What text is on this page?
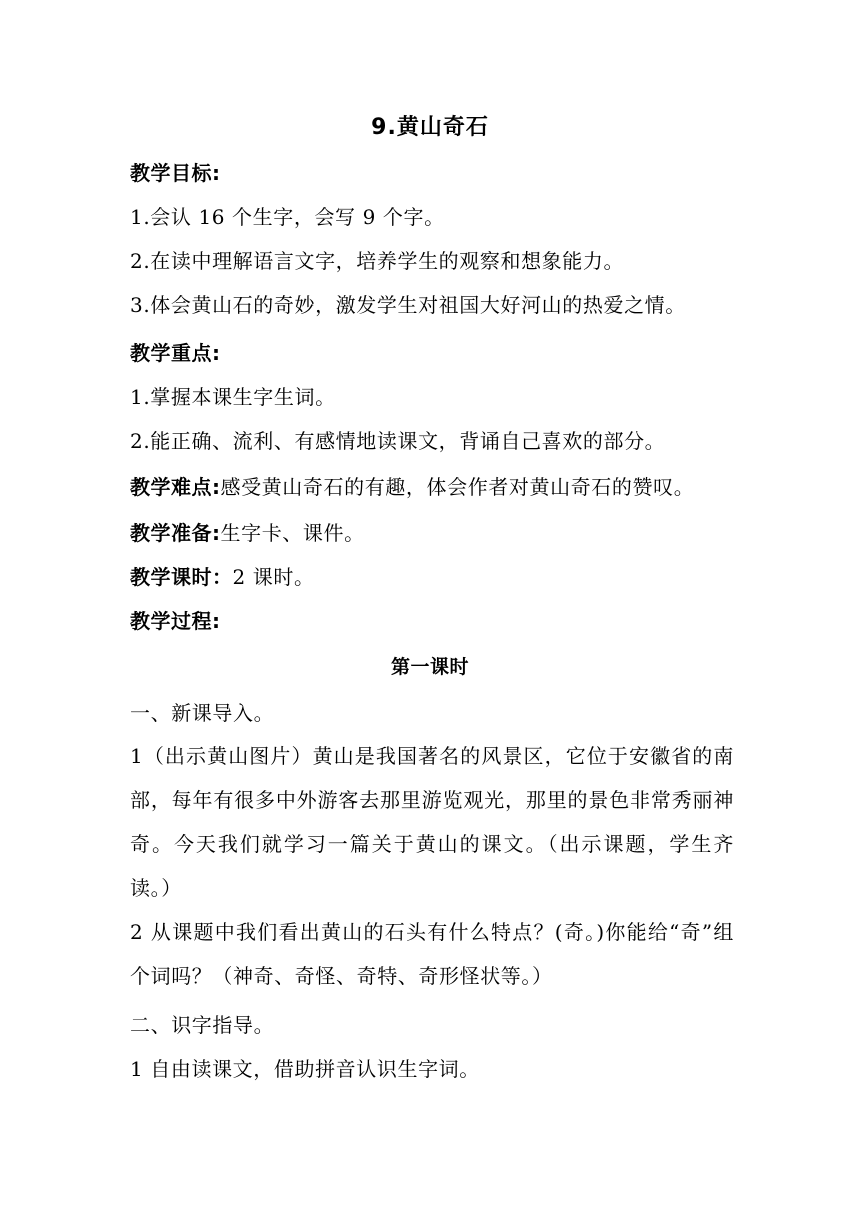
9.黄山奇石
教学目标:
1.会认 16 个生字，会写 9 个字。
2.在读中理解语言文字，培养学生的观察和想象能力。
3.体会黄山石的奇妙，激发学生对祖国大好河山的热爱之情。
教学重点:
1.掌握本课生字生词。
2.能正确、流利、有感情地读课文，背诵自己喜欢的部分。
教学难点:感受黄山奇石的有趣，体会作者对黄山奇石的赞叹。
教学准备:生字卡、课件。
教学课时：2 课时。
教学过程:
第一课时
一、新课导入。
1（出示黄山图片）黄山是我国著名的风景区，它位于安徽省的南部，每年有很多中外游客去那里游览观光，那里的景色非常秀丽神奇。今天我们就学习一篇关于黄山的课文。（出示课题，学生齐读。）
2 从课题中我们看出黄山的石头有什么特点？(奇。)你能给“奇”组个词吗？（神奇、奇怪、奇特、奇形怪状等。）
二、识字指导。
1 自由读课文，借助拼音认识生字词。
